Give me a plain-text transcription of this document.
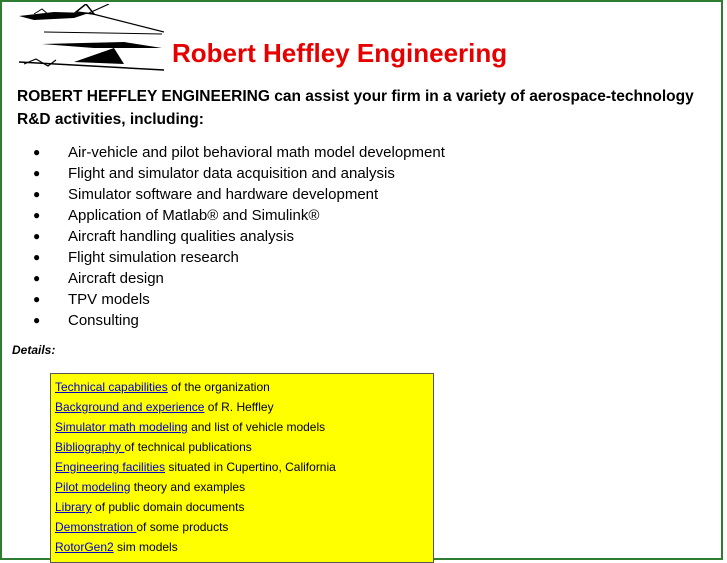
Robert Heffley Engineering
ROBERT HEFFLEY ENGINEERING can assist your firm in a variety of aerospace-technology R&D activities, including:
● Air-vehicle and pilot behavioral math model development
● Flight and simulator data acquisition and analysis
● Simulator software and hardware development
● Application of Matlab® and Simulink®
● Aircraft handling qualities analysis
● Flight simulation research
● Aircraft design
● TPV models
● Consulting
Details:
Technical capabilities of the organization
Background and experience of R. Heffley
Simulator math modeling and list of vehicle models
Bibliography of technical publications
Engineering facilities situated in Cupertino, California
Pilot modeling theory and examples
Library of public domain documents
Demonstration of some products
RotorGen2 sim models
